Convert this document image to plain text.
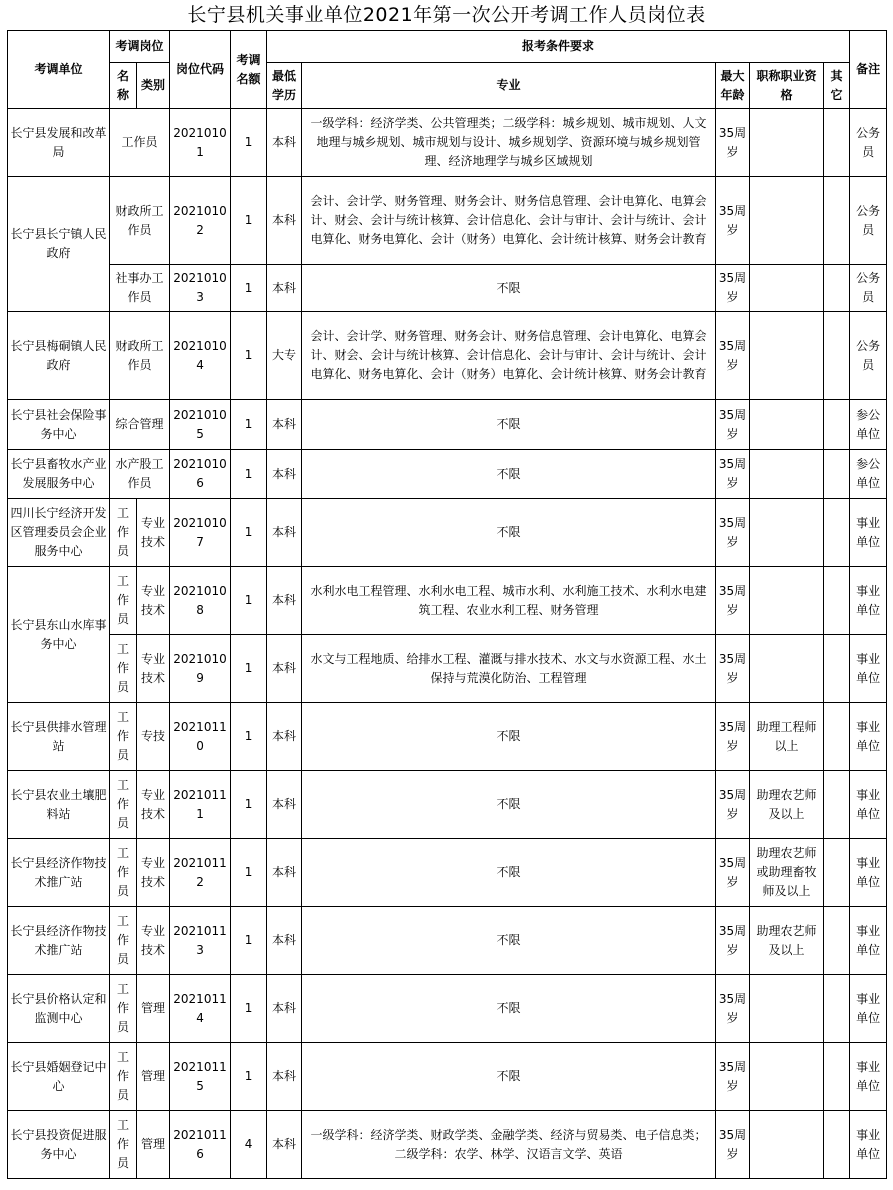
长宁县机关事业单位2021年第一次公开考调工作人员岗位表
考调单位	考调岗位		岗位代码	考调名额	报考条件要求					备注
	名称	类别			最低学历	专业	最大年龄	职称职业资格	其它	
长宁县发展和改革局	工作员		20210101	1	本科	一级学科：经济学类、公共管理类；二级学科：城乡规划、城市规划、人文地理与城乡规划、城市规划与设计、城乡规划学、资源环境与城乡规划管理、经济地理学与城乡区域规划	35周岁			公务员
长宁县长宁镇人民政府	财政所工作员		20210102	1	本科	会计、会计学、财务管理、财务会计、财务信息管理、会计电算化、电算会计、财会、会计与统计核算、会计信息化、会计与审计、会计与统计、会计电算化、财务电算化、会计（财务）电算化、会计统计核算、财务会计教育	35周岁			公务员
	社事办工作员		20210103	1	本科	不限	35周岁			公务员
长宁县梅硐镇人民政府	财政所工作员		20210104	1	大专	会计、会计学、财务管理、财务会计、财务信息管理、会计电算化、电算会计、财会、会计与统计核算、会计信息化、会计与审计、会计与统计、会计电算化、财务电算化、会计（财务）电算化、会计统计核算、财务会计教育	35周岁			公务员
长宁县社会保险事务中心	综合管理		20210105	1	本科	不限	35周岁			参公单位
长宁县畜牧水产业发展服务中心	水产股工作员		20210106	1	本科	不限	35周岁			参公单位
四川长宁经济开发区管理委员会企业服务中心	工作员	专业技术	20210107	1	本科	不限	35周岁			事业单位
长宁县东山水库事务中心	工作员	专业技术	20210108	1	本科	水利水电工程管理、水利水电工程、城市水利、水利施工技术、水利水电建筑工程、农业水利工程、财务管理	35周岁			事业单位
	工作员	专业技术	20210109	1	本科	水文与工程地质、给排水工程、灌溉与排水技术、水文与水资源工程、水土保持与荒漠化防治、工程管理	35周岁			事业单位
长宁县供排水管理站	工作员	专技	20210110	1	本科	不限	35周岁	助理工程师以上		事业单位
长宁县农业土壤肥料站	工作员	专业技术	20210111	1	本科	不限	35周岁	助理农艺师及以上		事业单位
长宁县经济作物技术推广站	工作员	专业技术	20210112	1	本科	不限	35周岁	助理农艺师或助理畜牧师及以上		事业单位
长宁县经济作物技术推广站	工作员	专业技术	20210113	1	本科	不限	35周岁	助理农艺师及以上		事业单位
长宁县价格认定和监测中心	工作员	管理	20210114	1	本科	不限	35周岁			事业单位
长宁县婚姻登记中心	工作员	管理	20210115	1	本科	不限	35周岁			事业单位
长宁县投资促进服务中心	工作员	管理	20210116	4	本科	一级学科：经济学类、财政学类、金融学类、经济与贸易类、电子信息类；二级学科：农学、林学、汉语言文学、英语	35周岁			事业单位
